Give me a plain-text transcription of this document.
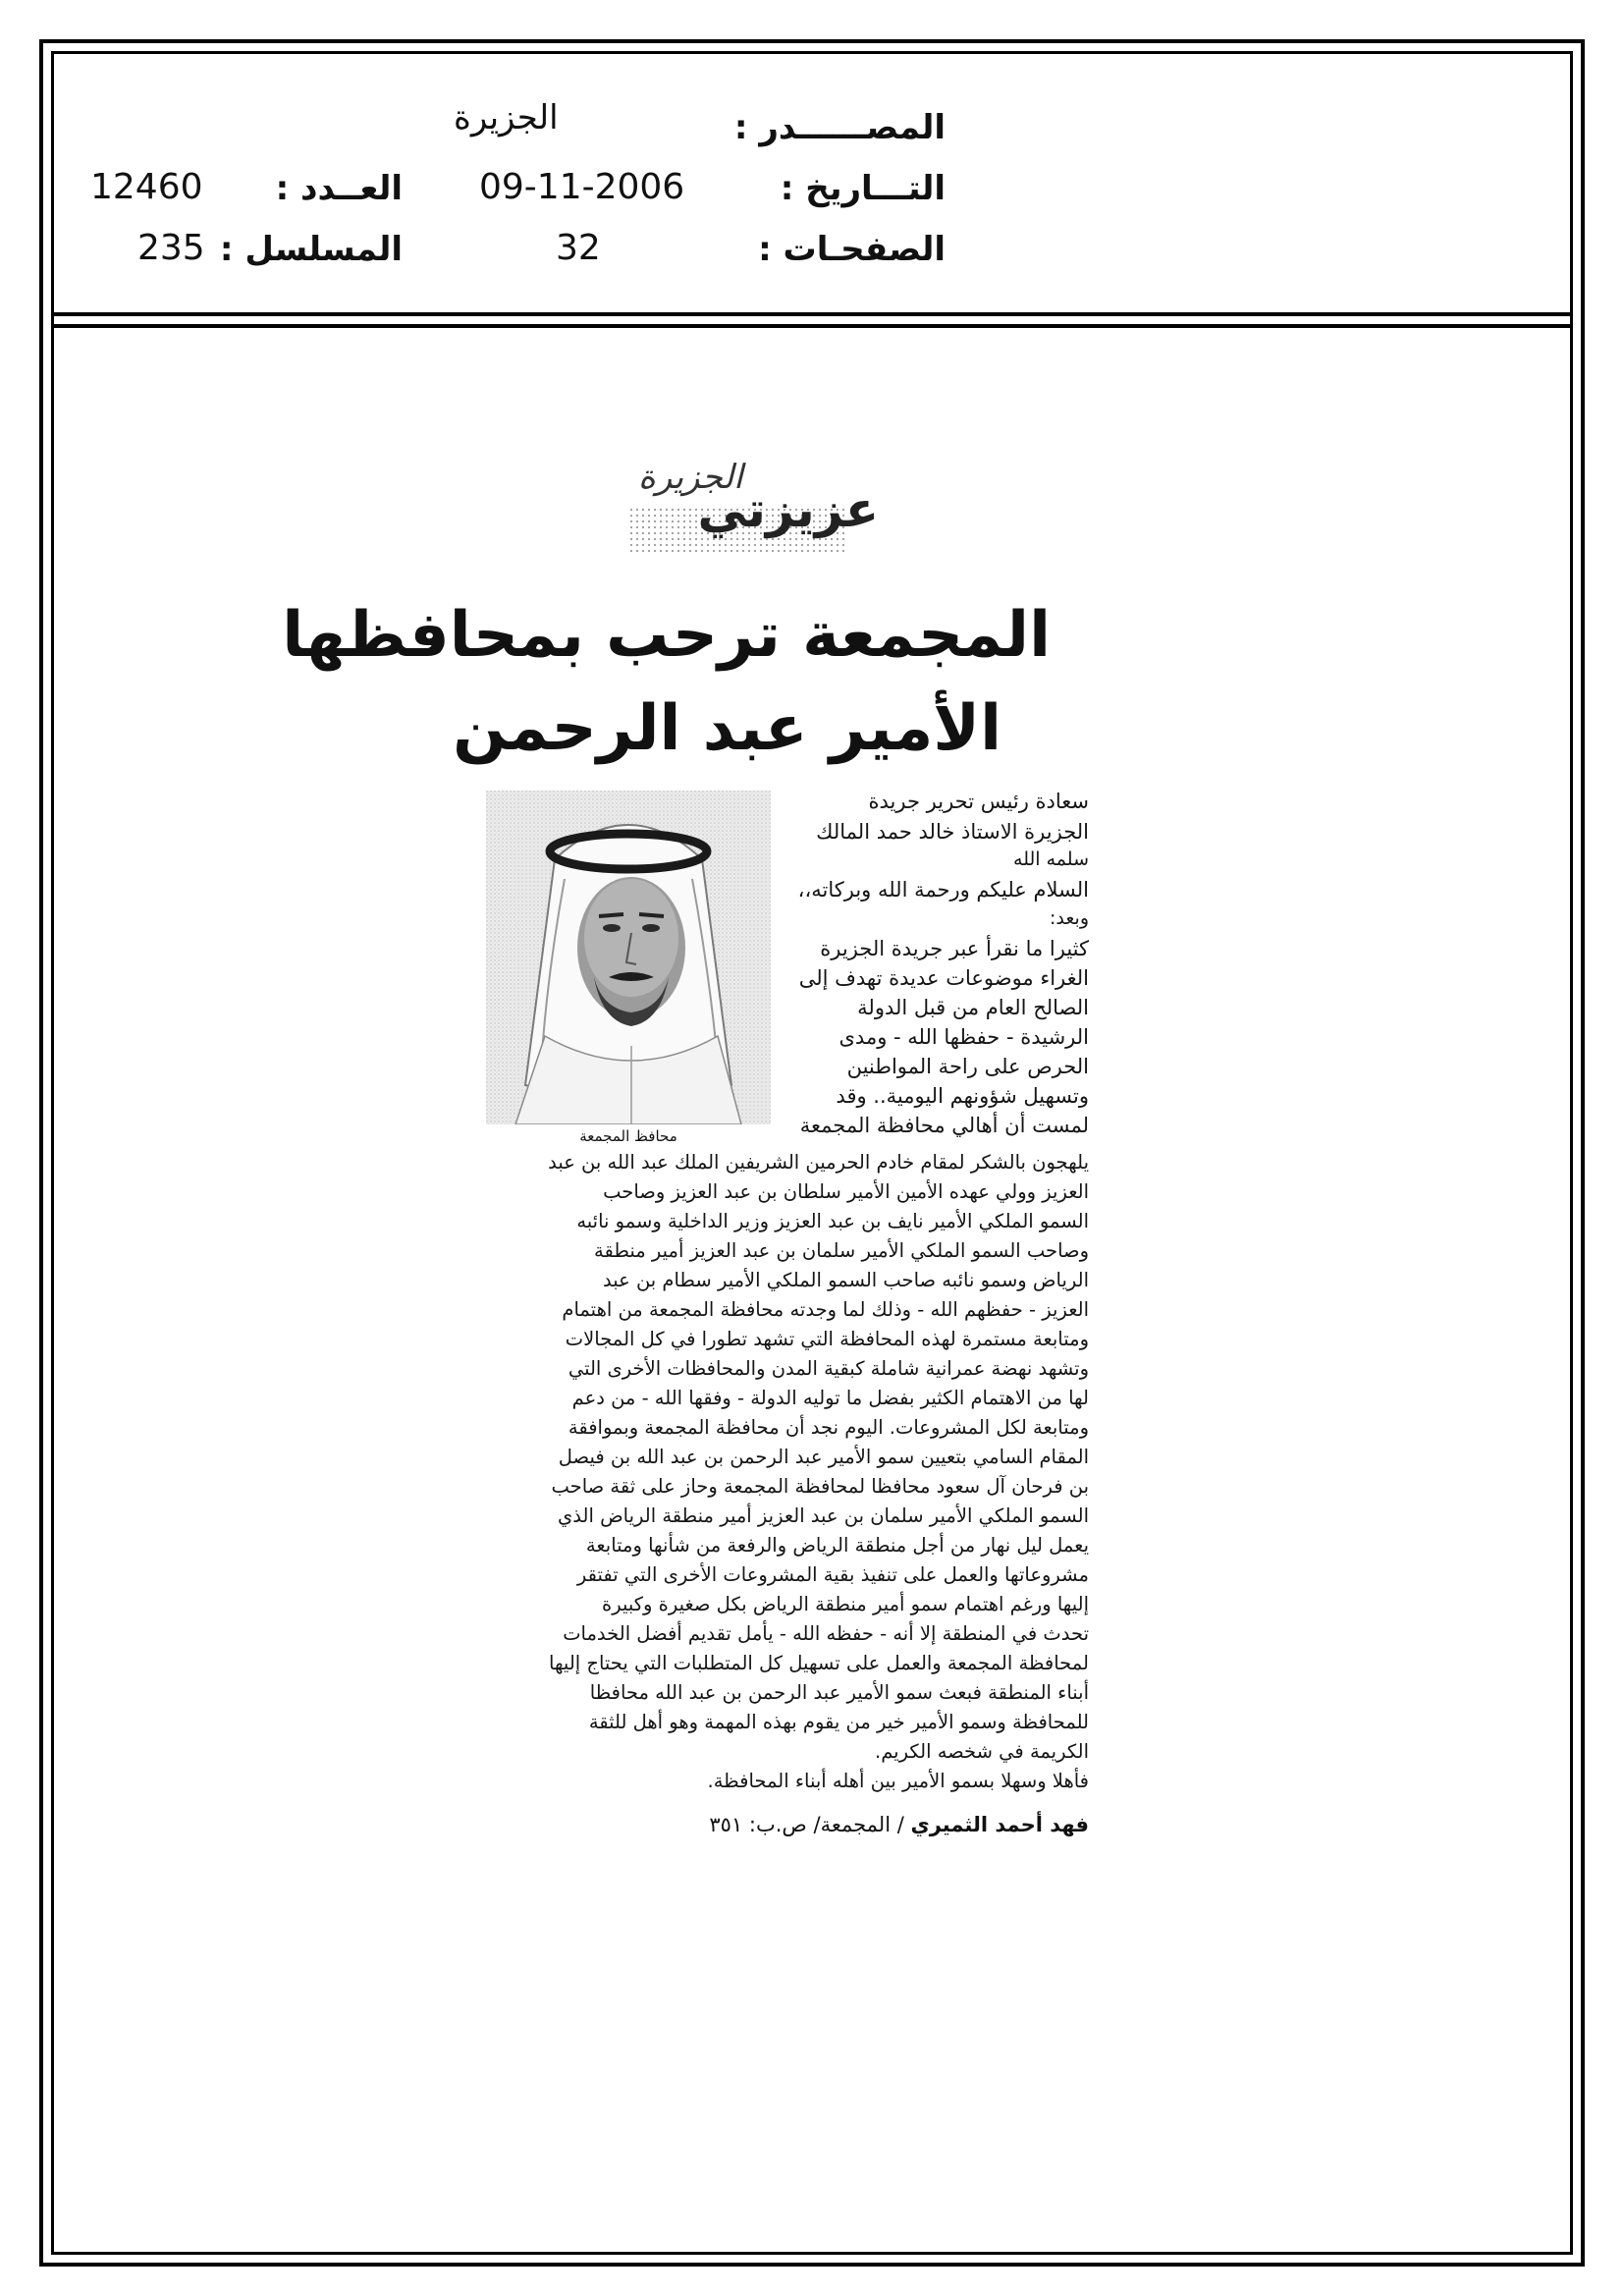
المصــــــدر :
الجزيرة
التـــاريخ :
09-11-2006
العــدد :
12460
الصفحـات :
32
المسلسل :
235
عزيزتي
الجزيرة
المجمعة ترحب بمحافظها
الأمير عبد الرحمن
محافظ المجمعة
سعادة رئيس تحرير جريدة
الجزيرة الاستاذ خالد حمد المالك
سلمه الله
السلام عليكم ورحمة الله وبركاته،،
وبعد:
كثيرا ما نقرأ عبر جريدة الجزيرة
الغراء موضوعات عديدة تهدف إلى
الصالح العام من قبل الدولة
الرشيدة - حفظها الله - ومدى
الحرص على راحة المواطنين
وتسهيل شؤونهم اليومية.. وقد
لمست أن أهالي محافظة المجمعة
يلهجون بالشكر لمقام خادم الحرمين الشريفين الملك عبد الله بن عبد
العزيز وولي عهده الأمين الأمير سلطان بن عبد العزيز وصاحب
السمو الملكي الأمير نايف بن عبد العزيز وزير الداخلية وسمو نائبه
وصاحب السمو الملكي الأمير سلمان بن عبد العزيز أمير منطقة
الرياض وسمو نائبه صاحب السمو الملكي الأمير سطام بن عبد
العزيز - حفظهم الله - وذلك لما وجدته محافظة المجمعة من اهتمام
ومتابعة مستمرة لهذه المحافظة التي تشهد تطورا في كل المجالات
وتشهد نهضة عمرانية شاملة كبقية المدن والمحافظات الأخرى التي
لها من الاهتمام الكثير بفضل ما توليه الدولة - وفقها الله - من دعم
ومتابعة لكل المشروعات. اليوم نجد أن محافظة المجمعة وبموافقة
المقام السامي بتعيين سمو الأمير عبد الرحمن بن عبد الله بن فيصل
بن فرحان آل سعود محافظا لمحافظة المجمعة وحاز على ثقة صاحب
السمو الملكي الأمير سلمان بن عبد العزيز أمير منطقة الرياض الذي
يعمل ليل نهار من أجل منطقة الرياض والرفعة من شأنها ومتابعة
مشروعاتها والعمل على تنفيذ بقية المشروعات الأخرى التي تفتقر
إليها ورغم اهتمام سمو أمير منطقة الرياض بكل صغيرة وكبيرة
تحدث في المنطقة إلا أنه - حفظه الله - يأمل تقديم أفضل الخدمات
لمحافظة المجمعة والعمل على تسهيل كل المتطلبات التي يحتاج إليها
أبناء المنطقة فبعث سمو الأمير عبد الرحمن بن عبد الله محافظا
للمحافظة وسمو الأمير خير من يقوم بهذه المهمة وهو أهل للثقة
الكريمة في شخصه الكريم.
فأهلا وسهلا بسمو الأمير بين أهله أبناء المحافظة.
فهد أحمد الثميري / المجمعة/ ص.ب: ٣٥١
